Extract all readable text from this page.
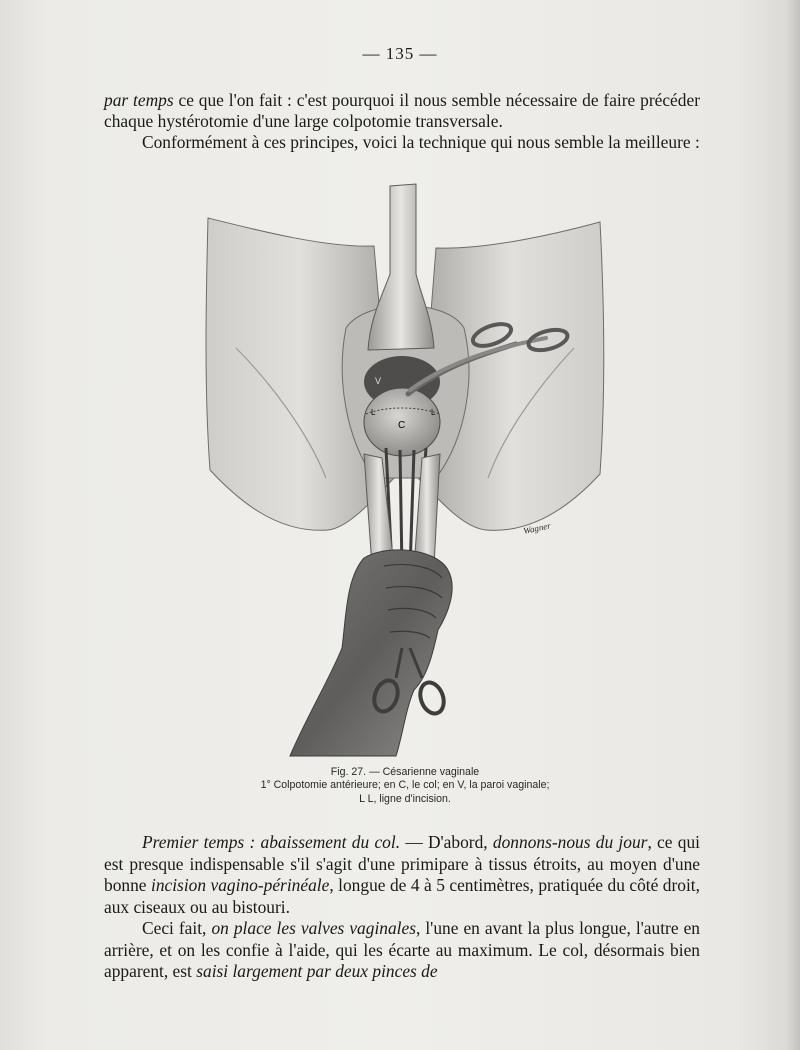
— 135 —

par temps ce que l'on fait : c'est pourquoi il nous semble nécessaire de faire précéder chaque hystérotomie d'une large colpotomie transversale.

Conformément à ces principes, voici la technique qui nous semble la meilleure :

V
L	L
C
Wagner
Fig. 27. — Césarienne vaginale
1° Colpotomie antérieure; en C, le col; en V, la paroi vaginale;
L L, ligne d'incision.

Premier temps : abaissement du col. — D'abord, donnons-nous du jour, ce qui est presque indispensable s'il s'agit d'une primipare à tissus étroits, au moyen d'une bonne incision vagino-périnéale, longue de 4 à 5 centimètres, pratiquée du côté droit, aux ciseaux ou au bistouri.

Ceci fait, on place les valves vaginales, l'une en avant la plus longue, l'autre en arrière, et on les confie à l'aide, qui les écarte au maximum. Le col, désormais bien apparent, est saisi largement par deux pinces de
